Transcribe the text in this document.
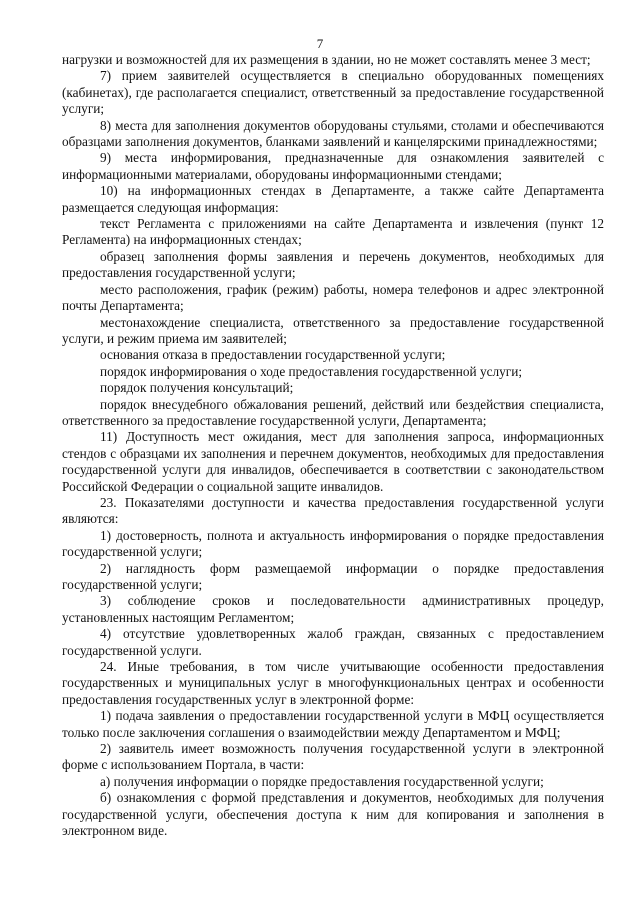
7

нагрузки и возможностей для их размещения в здании, но не может составлять менее 3 мест;

7) прием заявителей осуществляется в специально оборудованных помещениях (кабинетах), где располагается специалист, ответственный за предоставление государственной услуги;

8) места для заполнения документов оборудованы стульями, столами и обеспечиваются образцами заполнения документов, бланками заявлений и канцелярскими принадлежностями;

9) места информирования, предназначенные для ознакомления заявителей с информационными материалами, оборудованы информационными стендами;

10) на информационных стендах в Департаменте, а также сайте Департамента размещается следующая информация:

текст Регламента с приложениями на сайте Департамента и извлечения (пункт 12 Регламента) на информационных стендах;

образец заполнения формы заявления и перечень документов, необходимых для предоставления государственной услуги;

место расположения, график (режим) работы, номера телефонов и адрес электронной почты Департамента;

местонахождение специалиста, ответственного за предоставление государственной услуги, и режим приема им заявителей;

основания отказа в предоставлении государственной услуги;

порядок информирования о ходе предоставления государственной услуги;

порядок получения консультаций;

порядок внесудебного обжалования решений, действий или бездействия специалиста, ответственного за предоставление государственной услуги, Департамента;

11) Доступность мест ожидания, мест для заполнения запроса, информационных стендов с образцами их заполнения и перечнем документов, необходимых для предоставления государственной услуги для инвалидов, обеспечивается в соответствии с законодательством Российской Федерации о социальной защите инвалидов.

23. Показателями доступности и качества предоставления государственной услуги являются:

1) достоверность, полнота и актуальность информирования о порядке предоставления государственной услуги;

2) наглядность форм размещаемой информации о порядке предоставления государственной услуги;

3) соблюдение сроков и последовательности административных процедур, установленных настоящим Регламентом;

4) отсутствие удовлетворенных жалоб граждан, связанных с предоставлением государственной услуги.

24. Иные требования, в том числе учитывающие особенности предоставления государственных и муниципальных услуг в многофункциональных центрах и особенности предоставления государственных услуг в электронной форме:

1) подача заявления о предоставлении государственной услуги в МФЦ осуществляется только после заключения соглашения о взаимодействии между Департаментом и МФЦ;

2) заявитель имеет возможность получения государственной услуги в электронной форме с использованием Портала, в части:

а) получения информации о порядке предоставления государственной услуги;

б) ознакомления с формой представления и документов, необходимых для получения государственной услуги, обеспечения доступа к ним для копирования и заполнения в электронном виде.
